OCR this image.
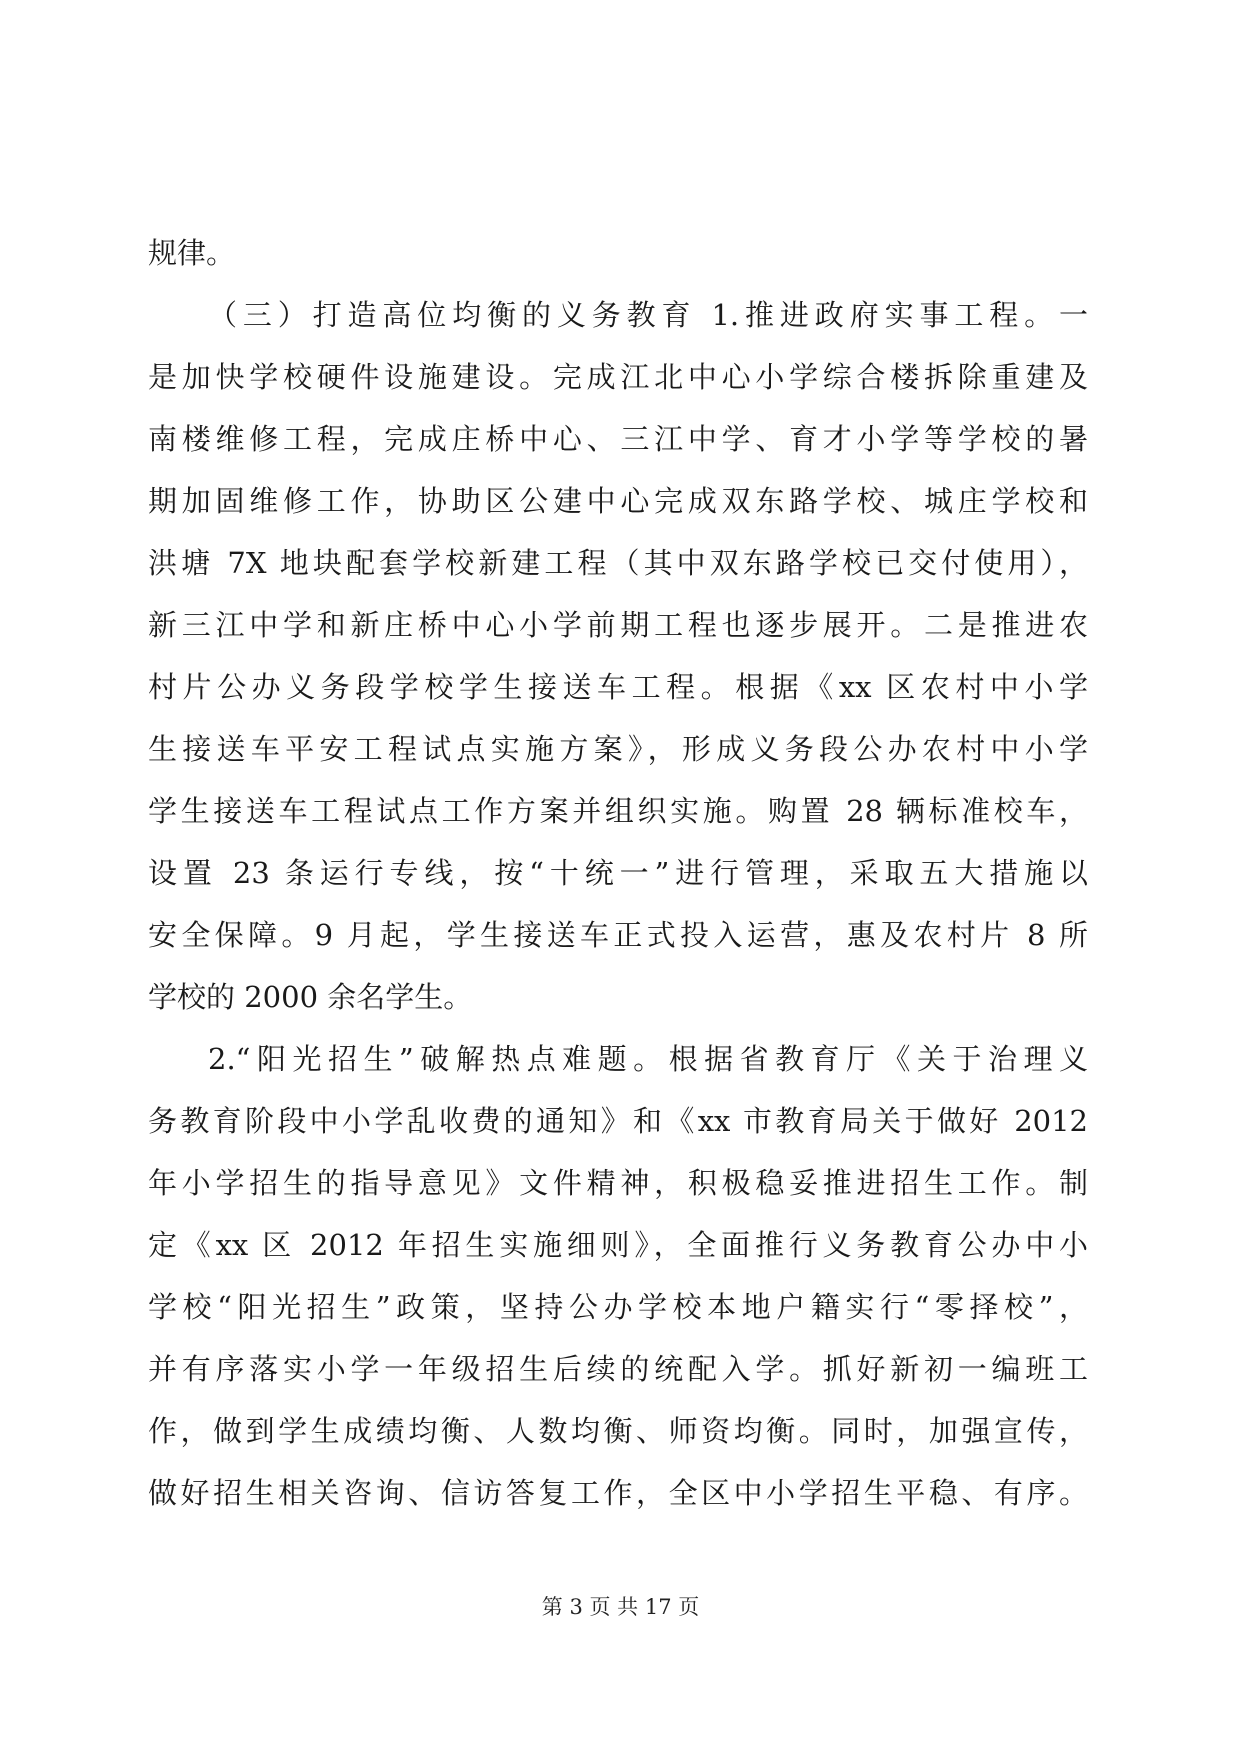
规律。
（三）打造高位均衡的义务教育 1.推进政府实事工程。一
是加快学校硬件设施建设。完成江北中心小学综合楼拆除重建及
南楼维修工程，完成庄桥中心、三江中学、育才小学等学校的暑
期加固维修工作，协助区公建中心完成双东路学校、城庄学校和
洪塘 7X 地块配套学校新建工程（其中双东路学校已交付使用），
新三江中学和新庄桥中心小学前期工程也逐步展开。二是推进农
村片公办义务段学校学生接送车工程。根据《xx 区农村中小学
生接送车平安工程试点实施方案》，形成义务段公办农村中小学
学生接送车工程试点工作方案并组织实施。购置 28 辆标准校车，
设置 23 条运行专线，按“十统一”进行管理，采取五大措施以
安全保障。9 月起，学生接送车正式投入运营，惠及农村片 8 所
学校的 2000 余名学生。
2.“阳光招生”破解热点难题。根据省教育厅《关于治理义
务教育阶段中小学乱收费的通知》和《xx 市教育局关于做好 2012
年小学招生的指导意见》文件精神，积极稳妥推进招生工作。制
定《xx 区 2012 年招生实施细则》，全面推行义务教育公办中小
学校“阳光招生”政策，坚持公办学校本地户籍实行“零择校”，
并有序落实小学一年级招生后续的统配入学。抓好新初一编班工
作，做到学生成绩均衡、人数均衡、师资均衡。同时，加强宣传，
做好招生相关咨询、信访答复工作，全区中小学招生平稳、有序。
第 3 页 共 17 页
